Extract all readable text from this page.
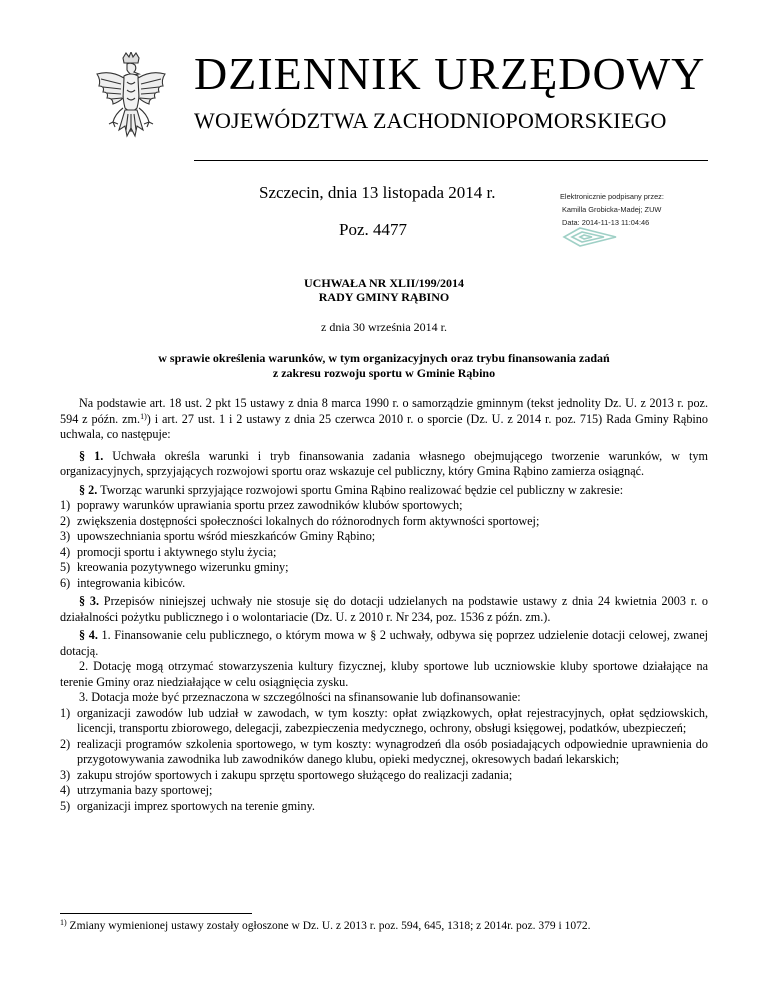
DZIENNIK URZĘDOWY
WOJEWÓDZTWA ZACHODNIOPOMORSKIEGO
Szczecin, dnia 13 listopada 2014 r.
Poz. 4477
Elektronicznie podpisany przez:
Kamilla Grobicka-Madej; ZUW
Data: 2014-11-13 11:04:46
UCHWAŁA NR XLII/199/2014
RADY GMINY RĄBINO
z dnia 30 września 2014 r.
w sprawie określenia warunków, w tym organizacyjnych oraz trybu finansowania zadań
z zakresu rozwoju sportu w Gminie Rąbino

Na podstawie art. 18 ust. 2 pkt 15 ustawy z dnia 8 marca 1990 r. o samorządzie gminnym (tekst jednolity Dz. U. z 2013 r. poz. 594 z późn. zm.$^{1)}$) i art. 27 ust. 1 i 2 ustawy z dnia 25 czerwca 2010 r. o sporcie (Dz. U. z 2014 r. poz. 715) Rada Gminy Rąbino uchwala, co następuje:

§ 1. Uchwała określa warunki i tryb finansowania zadania własnego obejmującego tworzenie warunków, w tym organizacyjnych, sprzyjających rozwojowi sportu oraz wskazuje cel publiczny, który Gmina Rąbino zamierza osiągnąć.

§ 2. Tworząc warunki sprzyjające rozwojowi sportu Gmina Rąbino realizować będzie cel publiczny w zakresie:

1) poprawy warunków uprawiania sportu przez zawodników klubów sportowych;
2) zwiększenia dostępności społeczności lokalnych do różnorodnych form aktywności sportowej;
3) upowszechniania sportu wśród mieszkańców Gminy Rąbino;
4) promocji sportu i aktywnego stylu życia;
5) kreowania pozytywnego wizerunku gminy;
6) integrowania kibiców.

§ 3. Przepisów niniejszej uchwały nie stosuje się do dotacji udzielanych na podstawie ustawy z dnia 24 kwietnia 2003 r. o działalności pożytku publicznego i o wolontariacie (Dz. U. z 2010 r. Nr 234, poz. 1536 z późn. zm.).

§ 4. 1. Finansowanie celu publicznego, o którym mowa w § 2 uchwały, odbywa się poprzez udzielenie dotacji celowej, zwanej dotacją.

2. Dotację mogą otrzymać stowarzyszenia kultury fizycznej, kluby sportowe lub uczniowskie kluby sportowe działające na terenie Gminy oraz niedziałające w celu osiągnięcia zysku.

3. Dotacja może być przeznaczona w szczególności na sfinansowanie lub dofinansowanie:

1) organizacji zawodów lub udział w zawodach, w tym koszty: opłat związkowych, opłat rejestracyjnych, opłat sędziowskich, licencji, transportu zbiorowego, delegacji, zabezpieczenia medycznego, ochrony, obsługi księgowej, podatków, ubezpieczeń;
2) realizacji programów szkolenia sportowego, w tym koszty: wynagrodzeń dla osób posiadających odpowiednie uprawnienia do przygotowywania zawodnika lub zawodników danego klubu, opieki medycznej, okresowych badań lekarskich;
3) zakupu strojów sportowych i zakupu sprzętu sportowego służącego do realizacji zadania;
4) utrzymania bazy sportowej;
5) organizacji imprez sportowych na terenie gminy.
$^{1)}$ Zmiany wymienionej ustawy zostały ogłoszone w Dz. U. z 2013 r. poz. 594, 645, 1318; z 2014r. poz. 379 i 1072.
